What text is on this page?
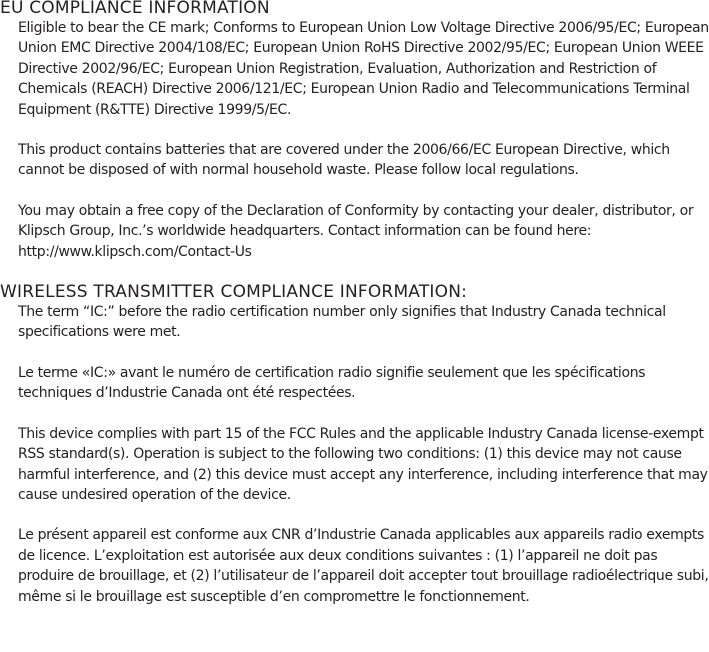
EU COMPLIANCE INFORMATION

Eligible to bear the CE mark; Conforms to European Union Low Voltage Directive 2006/95/EC; European Union EMC Directive 2004/108/EC; European Union RoHS Directive 2002/95/EC; European Union WEEE Directive 2002/96/EC; European Union Registration, Evaluation, Authorization and Restriction of Chemicals (REACH) Directive 2006/121/EC; European Union Radio and Telecommunications Terminal Equipment (R&TTE) Directive 1999/5/EC.

This product contains batteries that are covered under the 2006/66/EC European Directive, which cannot be disposed of with normal household waste. Please follow local regulations.

You may obtain a free copy of the Declaration of Conformity by contacting your dealer, distributor, or Klipsch Group, Inc.’s worldwide headquarters. Contact information can be found here: http://www.klipsch.com/Contact-Us

WIRELESS TRANSMITTER COMPLIANCE INFORMATION:

The term “IC:” before the radio certification number only signifies that Industry Canada technical specifications were met.

Le terme «IC:» avant le numéro de certification radio signifie seulement que les spécifications techniques d’Industrie Canada ont été respectées.

This device complies with part 15 of the FCC Rules and the applicable Industry Canada license-exempt RSS standard(s). Operation is subject to the following two conditions: (1) this device may not cause harmful interference, and (2) this device must accept any interference, including interference that may cause undesired operation of the device.

Le présent appareil est conforme aux CNR d’Industrie Canada applicables aux appareils radio exempts de licence. L’exploitation est autorisée aux deux conditions suivantes : (1) l’appareil ne doit pas produire de brouillage, et (2) l’utilisateur de l’appareil doit accepter tout brouillage radioélectrique subi, même si le brouillage est susceptible d’en compromettre le fonctionnement.
